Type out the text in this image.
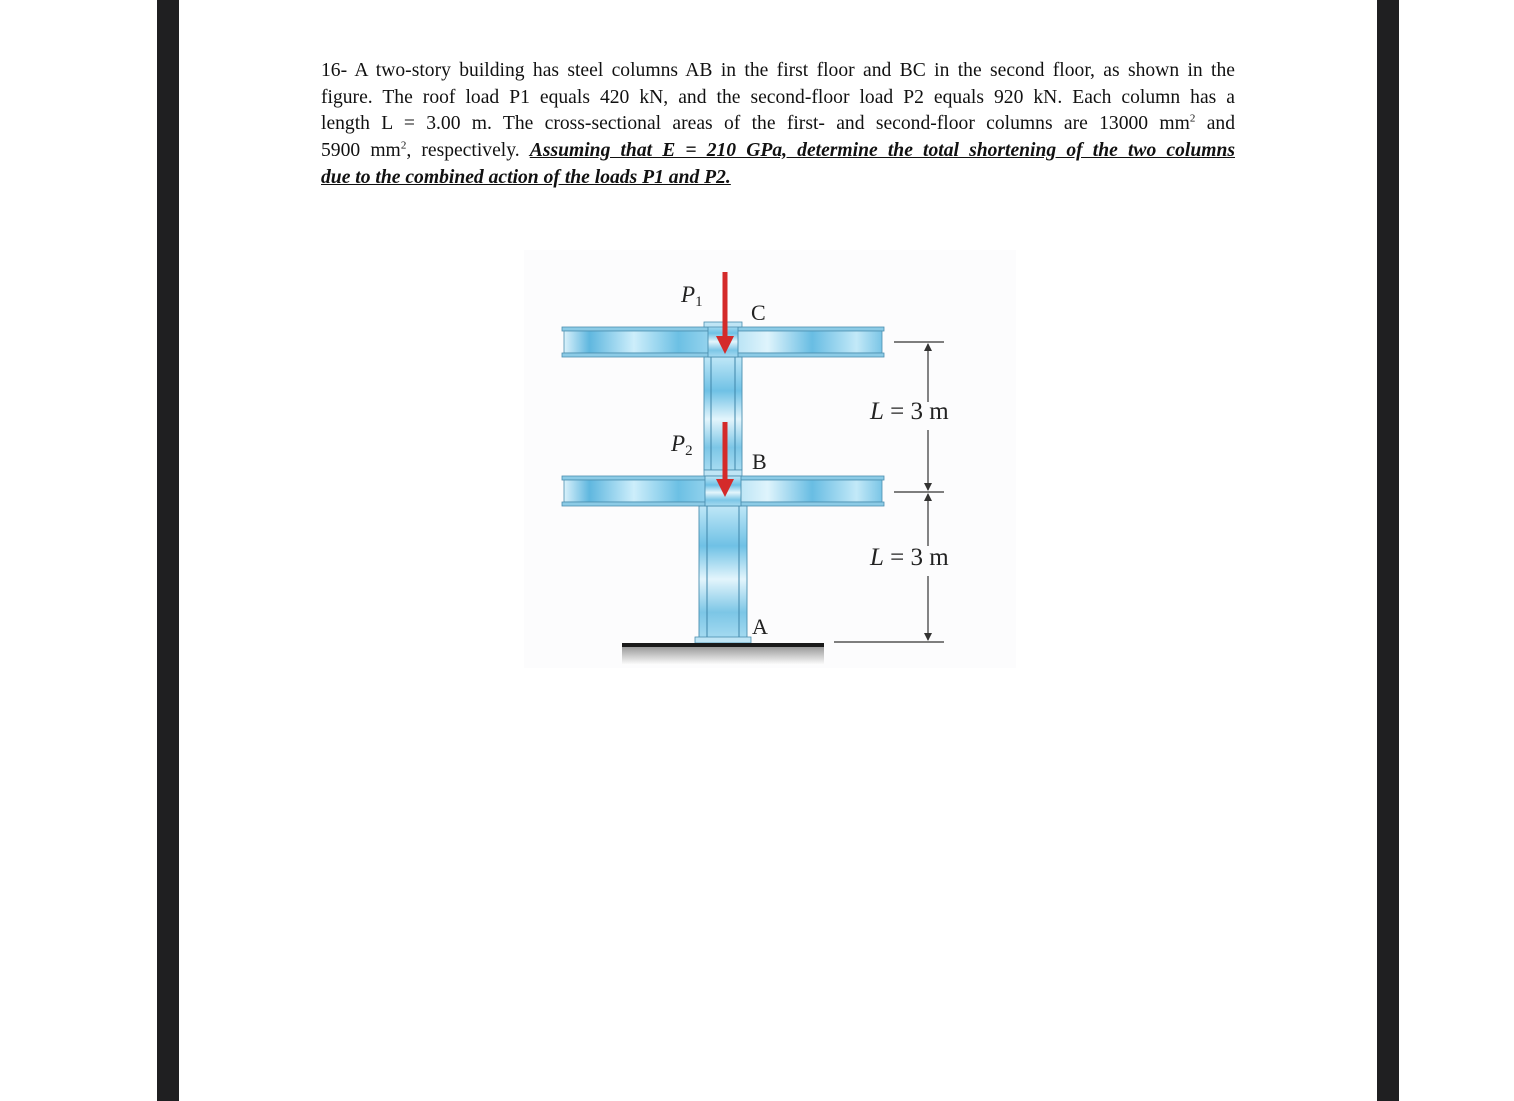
16- A two-story building has steel columns AB in the first floor and BC in the second floor, as shown in the

figure. The roof load P1 equals 420 kN, and the second-floor load P2 equals 920 kN. Each column has a

length L = 3.00 m. The cross-sectional areas of the first- and second-floor columns are 13000 $mm^2$ and

5900 $mm^2$, respectively. Assuming that E = 210 GPa, determine the total shortening of the two columns

due to the combined action of the loads P1 and P2.

$P_1$
$P_2$
C
B
A
L = 3 m
L = 3 m
